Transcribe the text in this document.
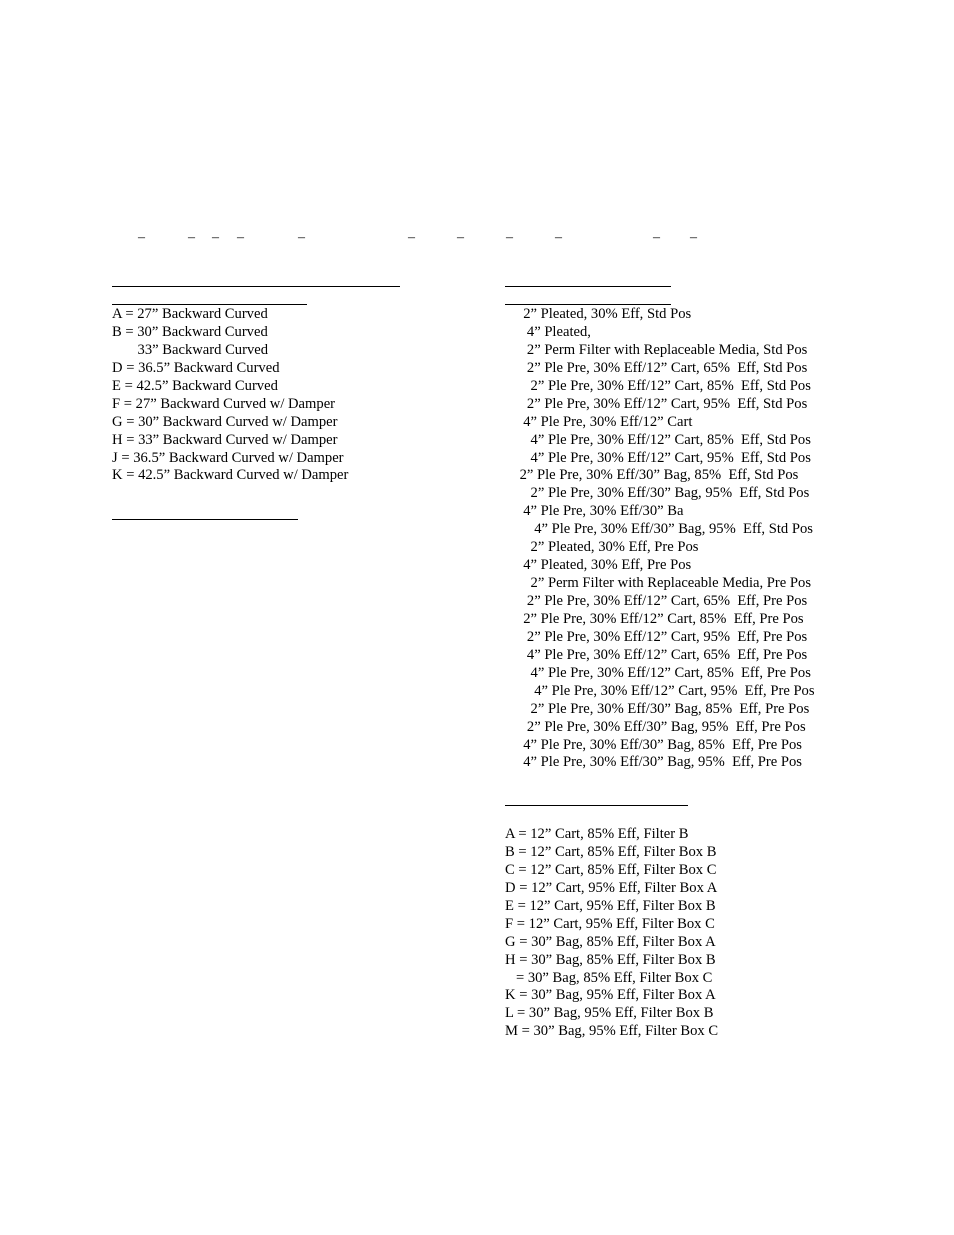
–	– – –	–	–	–	–	–	– –
A = 27” Backward Curved
B = 30” Backward Curved
33” Backward Curved
D = 36.5” Backward Curved
E = 42.5” Backward Curved
F = 27” Backward Curved w/ Damper
G = 30” Backward Curved w/ Damper
H = 33” Backward Curved w/ Damper
J = 36.5” Backward Curved w/ Damper
K = 42.5” Backward Curved w/ Damper
2” Pleated, 30% Eff, Std Pos
4” Pleated,
2” Perm Filter with Replaceable Media, Std Pos
2” Ple Pre, 30% Eff/12” Cart, 65%  Eff, Std Pos
2” Ple Pre, 30% Eff/12” Cart, 85%  Eff, Std Pos
2” Ple Pre, 30% Eff/12” Cart, 95%  Eff, Std Pos
4” Ple Pre, 30% Eff/12” Cart
4” Ple Pre, 30% Eff/12” Cart, 85%  Eff, Std Pos
4” Ple Pre, 30% Eff/12” Cart, 95%  Eff, Std Pos
2” Ple Pre, 30% Eff/30” Bag, 85%  Eff, Std Pos
2” Ple Pre, 30% Eff/30” Bag, 95%  Eff, Std Pos
4” Ple Pre, 30% Eff/30” Ba
4” Ple Pre, 30% Eff/30” Bag, 95%  Eff, Std Pos
2” Pleated, 30% Eff, Pre Pos
4” Pleated, 30% Eff, Pre Pos
2” Perm Filter with Replaceable Media, Pre Pos
2” Ple Pre, 30% Eff/12” Cart, 65%  Eff, Pre Pos
2” Ple Pre, 30% Eff/12” Cart, 85%  Eff, Pre Pos
2” Ple Pre, 30% Eff/12” Cart, 95%  Eff, Pre Pos
4” Ple Pre, 30% Eff/12” Cart, 65%  Eff, Pre Pos
4” Ple Pre, 30% Eff/12” Cart, 85%  Eff, Pre Pos
4” Ple Pre, 30% Eff/12” Cart, 95%  Eff, Pre Pos
2” Ple Pre, 30% Eff/30” Bag, 85%  Eff, Pre Pos
2” Ple Pre, 30% Eff/30” Bag, 95%  Eff, Pre Pos
4” Ple Pre, 30% Eff/30” Bag, 85%  Eff, Pre Pos
4” Ple Pre, 30% Eff/30” Bag, 95%  Eff, Pre Pos
A = 12” Cart, 85% Eff, Filter B
B = 12” Cart, 85% Eff, Filter Box B
C = 12” Cart, 85% Eff, Filter Box C
D = 12” Cart, 95% Eff, Filter Box A
E = 12” Cart, 95% Eff, Filter Box B
F = 12” Cart, 95% Eff, Filter Box C
G = 30” Bag, 85% Eff, Filter Box A
H = 30” Bag, 85% Eff, Filter Box B
= 30” Bag, 85% Eff, Filter Box C
K = 30” Bag, 95% Eff, Filter Box A
L = 30” Bag, 95% Eff, Filter Box B
M = 30” Bag, 95% Eff, Filter Box C
